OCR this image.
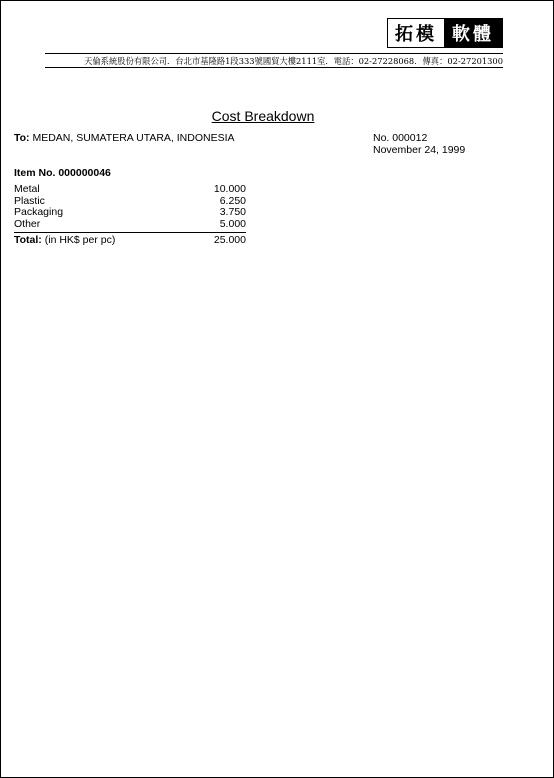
拓模 軟體
天倫系統股份有限公司．台北市基隆路1段333號國貿大樓2111室．電話：02-27228068．傳真：02-27201300
Cost Breakdown
To: MEDAN, SUMATERA UTARA, INDONESIA	No. 000012
November 24, 1999
Item No. 000000046
Metal	10.000
Plastic	6.250
Packaging	3.750
Other	5.000
Total: (in HK$ per pc)	25.000
